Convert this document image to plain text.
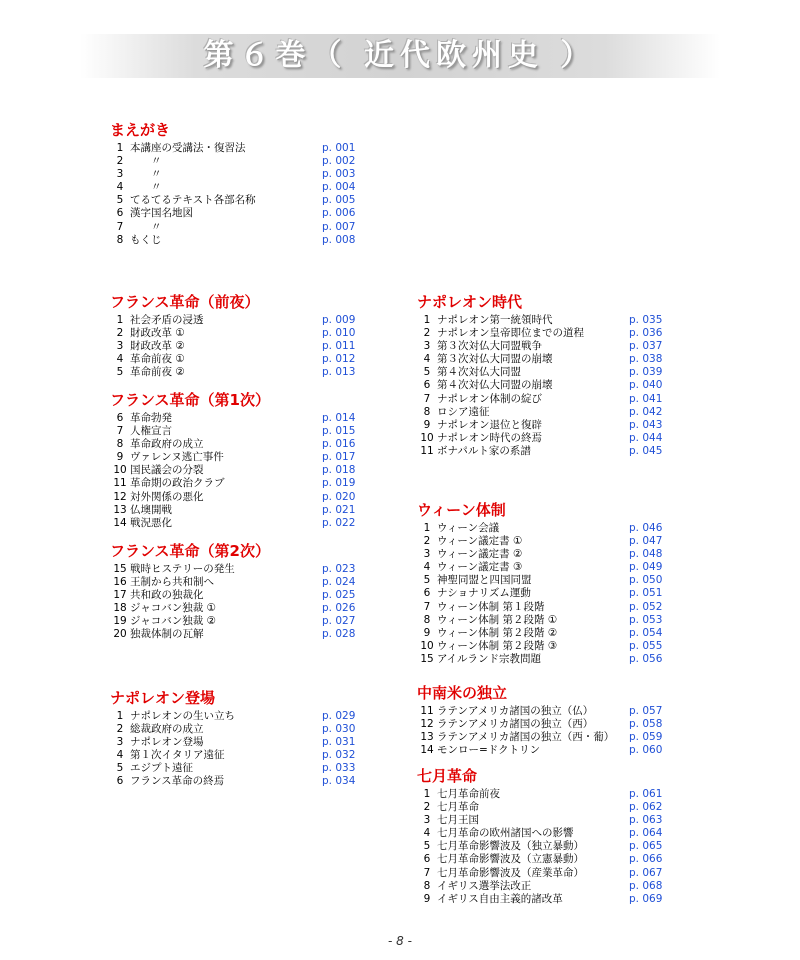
第６巻（ 近代欧州史 ）
まえがき
1 本講座の受講法・復習法	p. 001
2 　　〃	p. 002
3 　　〃	p. 003
4 　　〃	p. 004
5 てるてるテキスト各部名称	p. 005
6 漢字国名地図	p. 006
7 　　〃	p. 007
8 もくじ	p. 008
フランス革命（前夜）
1 社会矛盾の浸透	p. 009
2 財政改革 ①	p. 010
3 財政改革 ②	p. 011
4 革命前夜 ①	p. 012
5 革命前夜 ②	p. 013
フランス革命（第1次）
6 革命勃発	p. 014
7 人権宣言	p. 015
8 革命政府の成立	p. 016
9 ヴァレンヌ逃亡事件	p. 017
10 国民議会の分裂	p. 018
11 革命期の政治クラブ	p. 019
12 対外関係の悪化	p. 020
13 仏墺開戦	p. 021
14 戦況悪化	p. 022
フランス革命（第2次）
15 戦時ヒステリーの発生	p. 023
16 王制から共和制へ	p. 024
17 共和政の独裁化	p. 025
18 ジャコバン独裁 ①	p. 026
19 ジャコバン独裁 ②	p. 027
20 独裁体制の瓦解	p. 028
ナポレオン登場
1 ナポレオンの生い立ち	p. 029
2 総裁政府の成立	p. 030
3 ナポレオン登場	p. 031
4 第１次イタリア遠征	p. 032
5 エジプト遠征	p. 033
6 フランス革命の終焉	p. 034
ナポレオン時代
1 ナポレオン第一統領時代	p. 035
2 ナポレオン皇帝即位までの道程	p. 036
3 第３次対仏大同盟戦争	p. 037
4 第３次対仏大同盟の崩壊	p. 038
5 第４次対仏大同盟	p. 039
6 第４次対仏大同盟の崩壊	p. 040
7 ナポレオン体制の綻び	p. 041
8 ロシア遠征	p. 042
9 ナポレオン退位と復辟	p. 043
10 ナポレオン時代の終焉	p. 044
11 ボナパルト家の系譜	p. 045
ウィーン体制
1 ウィーン会議	p. 046
2 ウィーン議定書 ①	p. 047
3 ウィーン議定書 ②	p. 048
4 ウィーン議定書 ③	p. 049
5 神聖同盟と四国同盟	p. 050
6 ナショナリズム運動	p. 051
7 ウィーン体制 第１段階	p. 052
8 ウィーン体制 第２段階 ①	p. 053
9 ウィーン体制 第２段階 ②	p. 054
10 ウィーン体制 第２段階 ③	p. 055
15 アイルランド宗教問題	p. 056
中南米の独立
11 ラテンアメリカ諸国の独立（仏）	p. 057
12 ラテンアメリカ諸国の独立（西）	p. 058
13 ラテンアメリカ諸国の独立（西・葡） p. 059
14 モンロー=ドクトリン	p. 060
七月革命
1 七月革命前夜	p. 061
2 七月革命	p. 062
3 七月王国	p. 063
4 七月革命の欧州諸国への影響	p. 064
5 七月革命影響波及（独立暴動）	p. 065
6 七月革命影響波及（立憲暴動）	p. 066
7 七月革命影響波及（産業革命）	p. 067
8 イギリス選挙法改正	p. 068
9 イギリス自由主義的諸改革	p. 069
- 8 -
